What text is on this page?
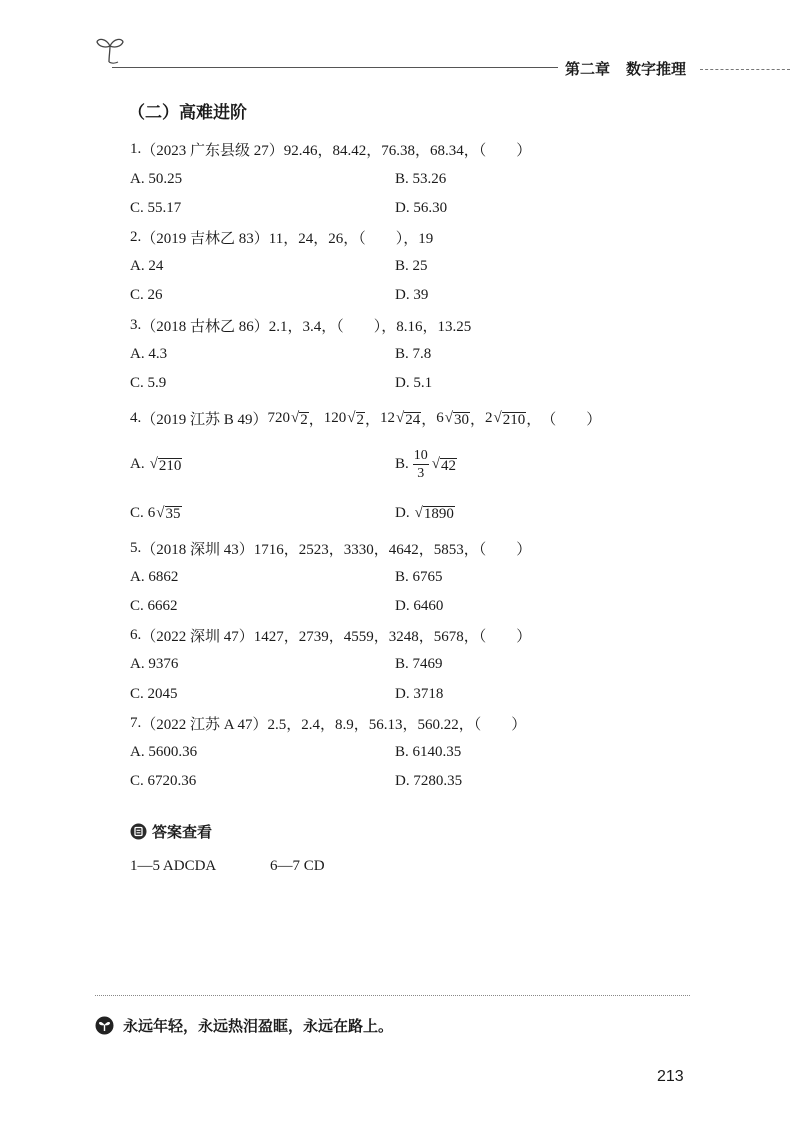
第二章 数字推理
（二）高难进阶
1. （2023 广东县级 27） 92.46，84.42，76.38，68.34，（　　）
A. 50.25	B. 53.26
C. 55.17	D. 56.30
2. （2019 吉林乙 83） 11，24，26，（　　），19
A. 24	B. 25
C. 26	D. 39
3. （2018 古林乙 86） 2.1，3.4，（　　），8.16，13.25
A. 4.3	B. 7.8
C. 5.9	D. 5.1
4. （2019 江苏 B 49） 720 √ 2 ， 120 √ 2 ， 12 √ 24 ， 6 √ 30 ， 2 √ 210 ， （　　）
A. √ 210	B. $\frac{10}{3}$ √ 42
C. 6 √ 35	D. √ 1890
5. （2018 深圳 43） 1716，2523，3330，4642，5853，（　　）
A. 6862	B. 6765
C. 6662	D. 6460
6. （2022 深圳 47） 1427，2739，4559，3248，5678，（　　）
A. 9376	B. 7469
C. 2045	D. 3718
7. （2022 江苏 A 47） 2.5，2.4，8.9，56.13，560.22，（　　）
A. 5600.36	B. 6140.35
C. 6720.36	D. 7280.35
答案查看
1—5 ADCDA	6—7 CD
永远年轻，永远热泪盈眶，永远在路上。
213
